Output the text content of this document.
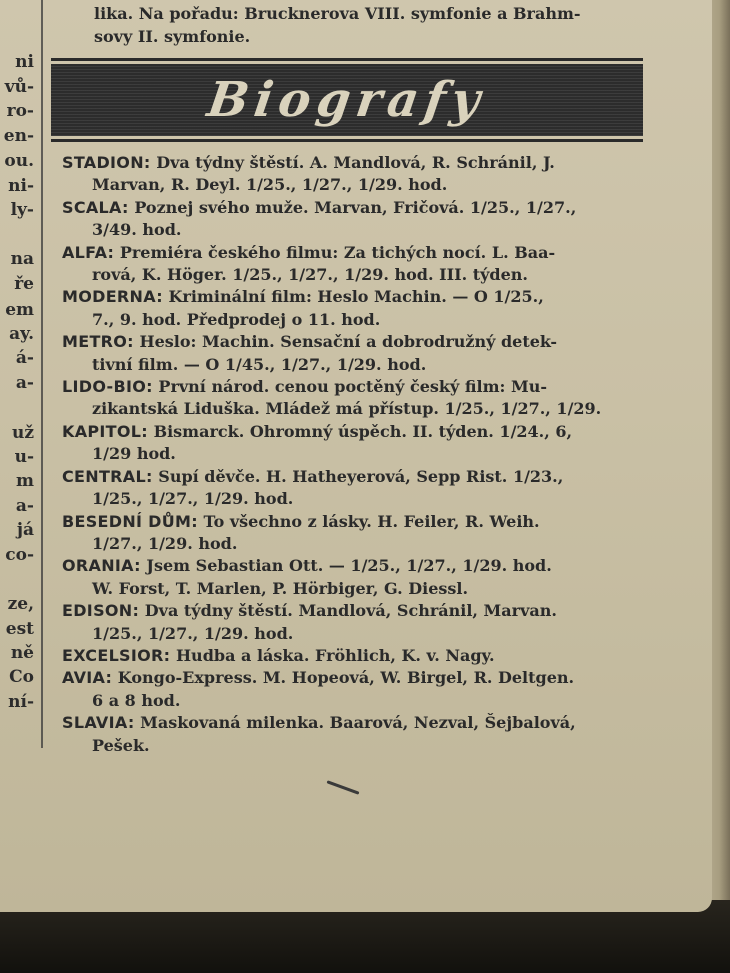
ni
vů-
ro-
en-
ou.
ni-
ly-
na
ře
em
ay.
á-
a-
už
u-
m
a-
já
co-
ze,
est
ně
Co
ní-
lika. Na pořadu: Brucknerova VIII. symfonie a Brahm-
sovy II. symfonie.
Biografy
STADION: Dva týdny štěstí. A. Mandlová, R. Schránil, J.
Marvan, R. Deyl. 1/25., 1/27., 1/29. hod.
SCALA: Poznej svého muže. Marvan, Fričová. 1/25., 1/27.,
3/49. hod.
ALFA: Premiéra českého filmu: Za tichých nocí. L. Baa-
rová, K. Höger. 1/25., 1/27., 1/29. hod. III. týden.
MODERNA: Kriminální film: Heslo Machin. — O 1/25.,
7., 9. hod. Předprodej o 11. hod.
METRO: Heslo: Machin. Sensační a dobrodružný detek-
tivní film. — O 1/45., 1/27., 1/29. hod.
LIDO-BIO: První národ. cenou poctěný český film: Mu-
zikantská Liduška. Mládež má přístup. 1/25., 1/27., 1/29.
KAPITOL: Bismarck. Ohromný úspěch. II. týden. 1/24., 6,
1/29 hod.
CENTRAL: Supí děvče. H. Hatheyerová, Sepp Rist. 1/23.,
1/25., 1/27., 1/29. hod.
BESEDNÍ DŮM: To všechno z lásky. H. Feiler, R. Weih.
1/27., 1/29. hod.
ORANIA: Jsem Sebastian Ott. — 1/25., 1/27., 1/29. hod.
W. Forst, T. Marlen, P. Hörbiger, G. Diessl.
EDISON: Dva týdny štěstí. Mandlová, Schránil, Marvan.
1/25., 1/27., 1/29. hod.
EXCELSIOR: Hudba a láska. Fröhlich, K. v. Nagy.
AVIA: Kongo-Express. M. Hopeová, W. Birgel, R. Deltgen.
6 a 8 hod.
SLAVIA: Maskovaná milenka. Baarová, Nezval, Šejbalová,
Pešek.
